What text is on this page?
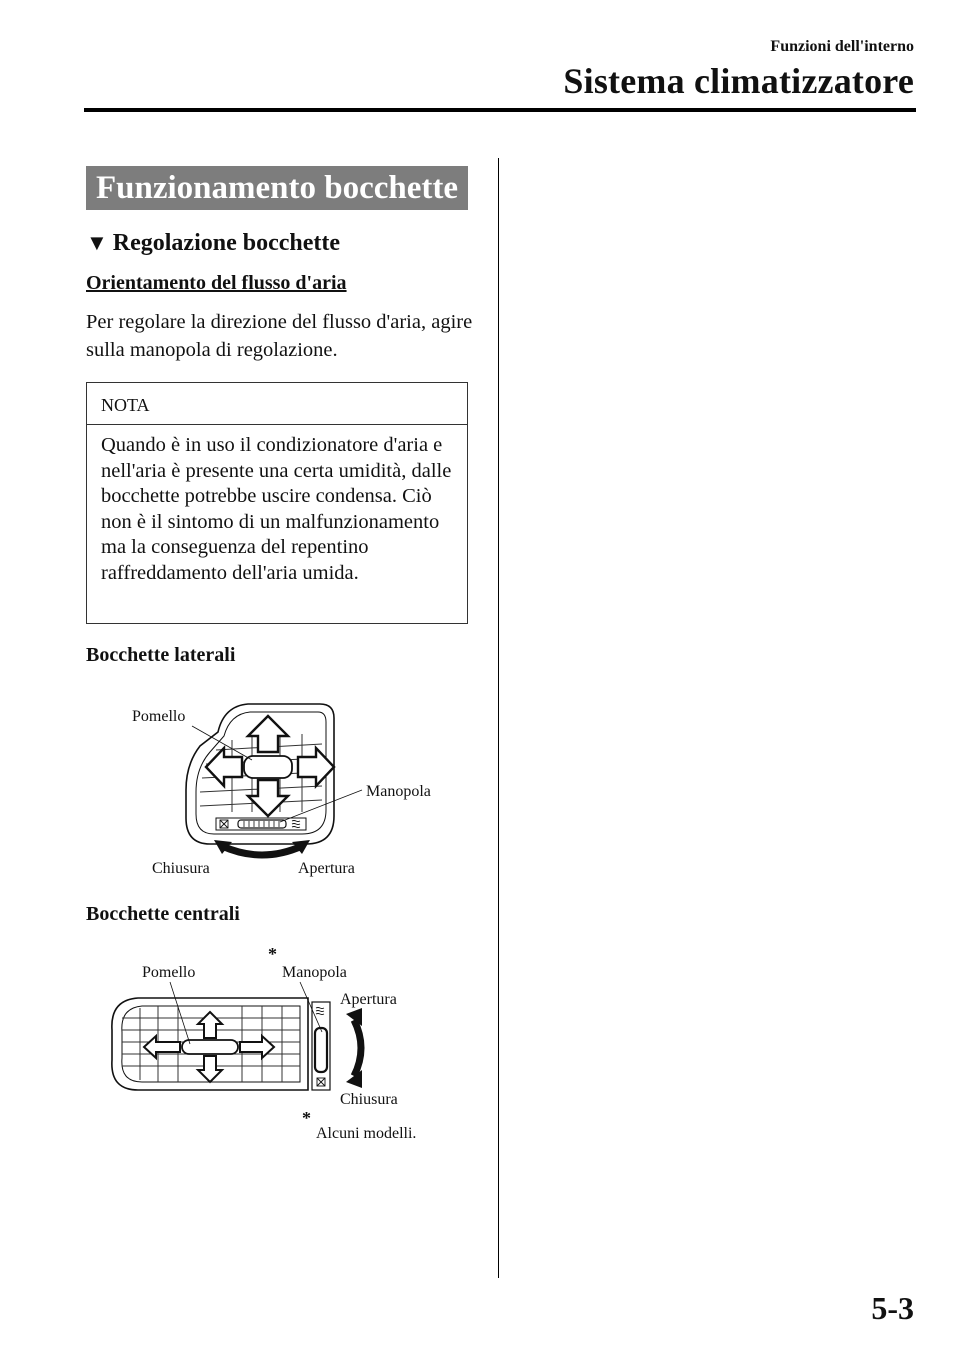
Funzioni dell'interno

Sistema climatizzatore
Funzionamento bocchette
▼ Regolazione bocchette

Orientamento del flusso d'aria

Per regolare la direzione del flusso d'aria, agire sulla manopola di regolazione.

NOTA

Quando è in uso il condizionatore d'aria e nell'aria è presente una certa umidità, dalle bocchette potrebbe uscire condensa. Ciò non è il sintomo di un malfunzionamento ma la conseguenza del repentino raffreddamento dell'aria umida.

Bocchette laterali

Pomello
Manopola
Chiusura	Apertura

Bocchette centrali

Pomello
*
Manopola
Apertura
Chiusura
*
Alcuni modelli.

5-3
